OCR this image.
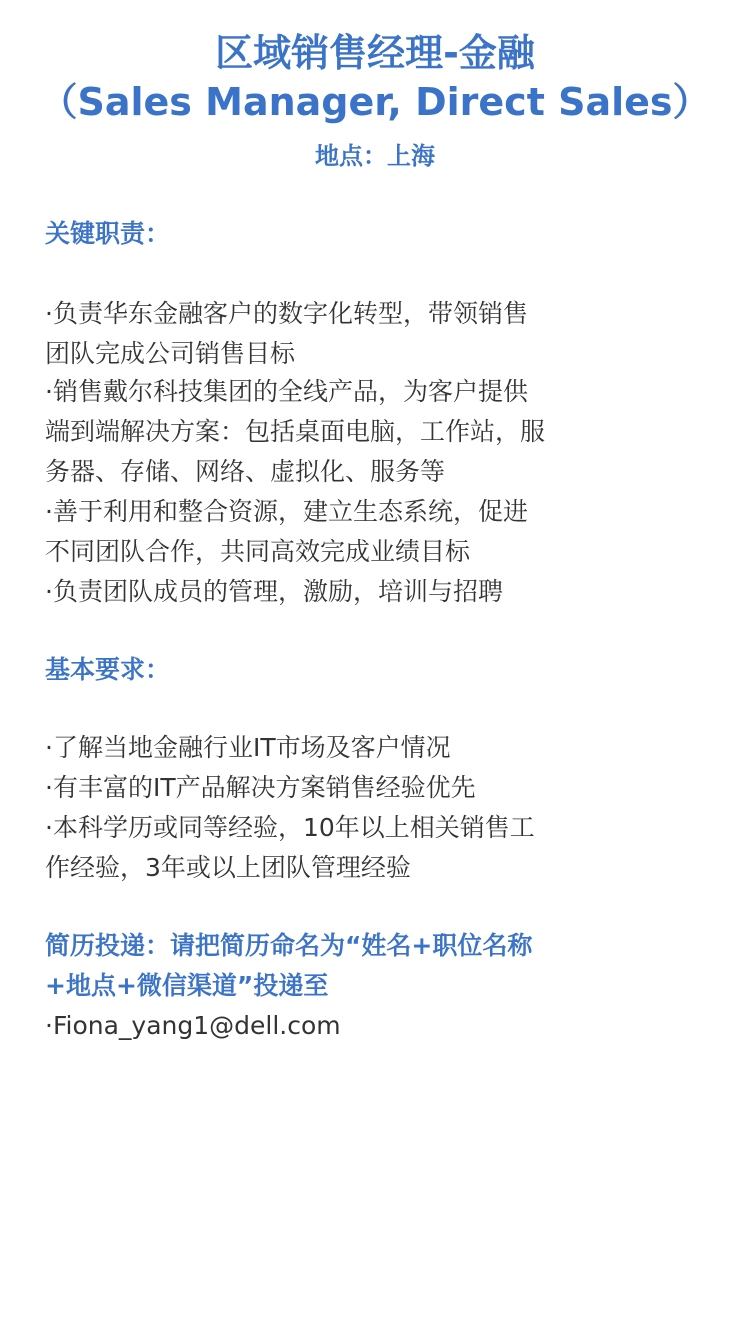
区域销售经理-金融
（Sales Manager, Direct Sales）
地点：上海
关键职责：
·负责华东金融客户的数字化转型，带领销售
团队完成公司销售目标
·销售戴尔科技集团的全线产品，为客户提供
端到端解决方案：包括桌面电脑，工作站，服
务器、存储、网络、虚拟化、服务等
·善于利用和整合资源，建立生态系统，促进
不同团队合作，共同高效完成业绩目标
·负责团队成员的管理，激励，培训与招聘
基本要求：
·了解当地金融行业IT市场及客户情况
·有丰富的IT产品解决方案销售经验优先
·本科学历或同等经验，10年以上相关销售工
作经验，3年或以上团队管理经验
简历投递：请把简历命名为“姓名+职位名称
+地点+微信渠道”投递至
·Fiona_yang1@dell.com
